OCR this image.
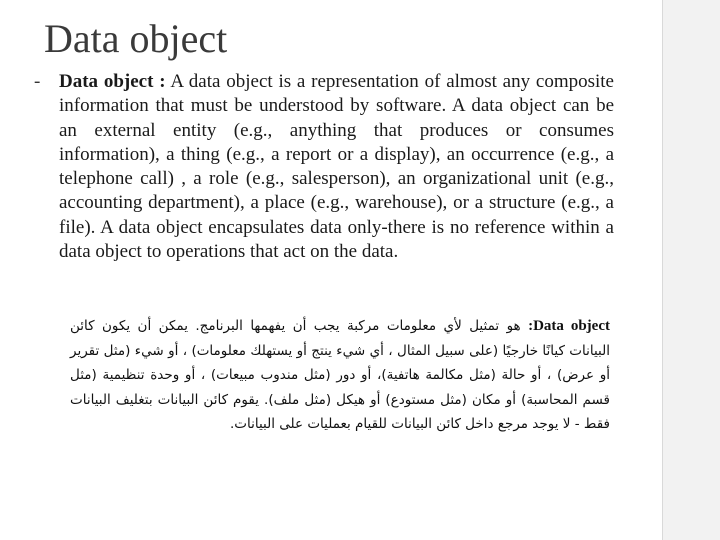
Data object
- Data object : A data object is a representation of almost any composite information that must be understood by software. A data object can be an external entity (e.g., anything that produces or consumes information), a thing (e.g., a report or a display), an occurrence (e.g., a telephone call) , a role (e.g., salesperson), an organizational unit (e.g., accounting department), a place (e.g., warehouse), or a structure (e.g., a file). A data object encapsulates data only-there is no reference within a data object to operations that act on the data.

:Data object هو تمثيل لأي معلومات مركبة يجب أن يفهمها البرنامج. يمكن أن يكون كائن البيانات كيانًا خارجيًا (على سبيل المثال ، أي شيء ينتج أو يستهلك معلومات) ، أو شيء (مثل تقرير أو عرض) ، أو حالة (مثل مكالمة هاتفية)، أو دور (مثل مندوب مبيعات) ، أو وحدة تنظيمية (مثل قسم المحاسبة) أو مكان (مثل مستودع) أو هيكل (مثل ملف). يقوم كائن البيانات بتغليف البيانات فقط - لا يوجد مرجع داخل كائن البيانات للقيام بعمليات على البيانات.
